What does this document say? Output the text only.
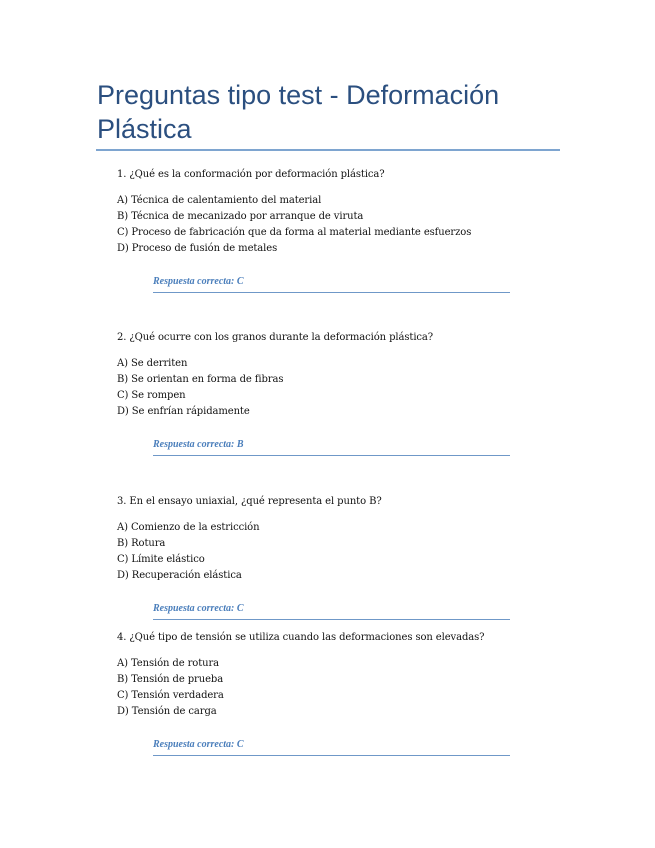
Preguntas tipo test - Deformación Plástica

1. ¿Qué es la conformación por deformación plástica?

A) Técnica de calentamiento del material
B) Técnica de mecanizado por arranque de viruta
C) Proceso de fabricación que da forma al material mediante esfuerzos
D) Proceso de fusión de metales
Respuesta correcta: C

2. ¿Qué ocurre con los granos durante la deformación plástica?

A) Se derriten
B) Se orientan en forma de fibras
C) Se rompen
D) Se enfrían rápidamente
Respuesta correcta: B

3. En el ensayo uniaxial, ¿qué representa el punto B?

A) Comienzo de la estricción
B) Rotura
C) Límite elástico
D) Recuperación elástica
Respuesta correcta: C

4. ¿Qué tipo de tensión se utiliza cuando las deformaciones son elevadas?

A) Tensión de rotura
B) Tensión de prueba
C) Tensión verdadera
D) Tensión de carga
Respuesta correcta: C
